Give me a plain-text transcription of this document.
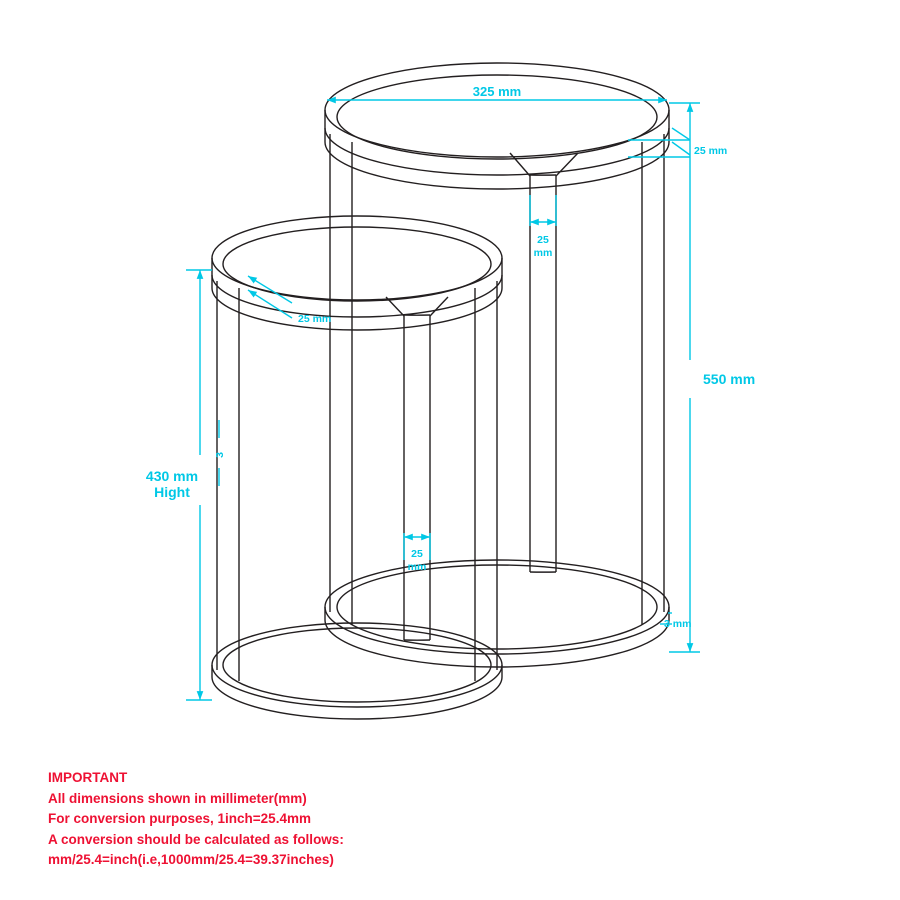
325 mm
25 mm
25
mm
550 mm
3 mm
25 mm
25
mm
430 mm
Hight
3
IMPORTANT
All dimensions shown in millimeter(mm)
For conversion purposes, 1inch=25.4mm
A conversion should be calculated as follows:
mm/25.4=inch(i.e,1000mm/25.4=39.37inches)
